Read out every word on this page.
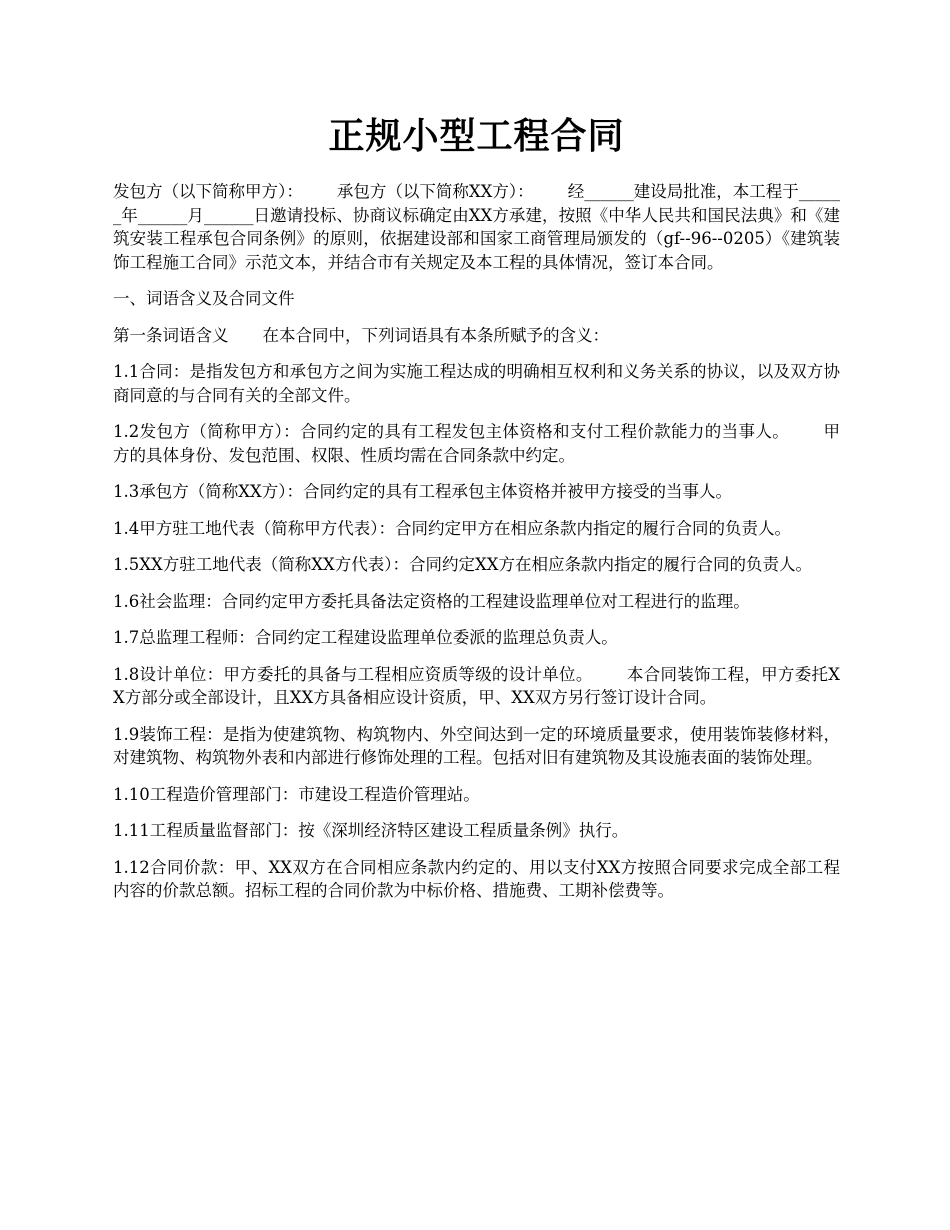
正规小型工程合同

发包方（以下简称甲方）： 承包方（以下简称XX方）： 经______建设局批准，本工程于______年______月______日邀请投标、协商议标确定由XX方承建，按照《中华人民共和国民法典》和《建筑安装工程承包合同条例》的原则，依据建设部和国家工商管理局颁发的（gf--96--0205）《建筑装饰工程施工合同》示范文本，并结合市有关规定及本工程的具体情况，签订本合同。

一、词语含义及合同文件

第一条词语含义 在本合同中，下列词语具有本条所赋予的含义：

1.1合同：是指发包方和承包方之间为实施工程达成的明确相互权利和义务关系的协议，以及双方协商同意的与合同有关的全部文件。

1.2发包方（简称甲方）：合同约定的具有工程发包主体资格和支付工程价款能力的当事人。 甲方的具体身份、发包范围、权限、性质均需在合同条款中约定。

1.3承包方（简称XX方）：合同约定的具有工程承包主体资格并被甲方接受的当事人。

1.4甲方驻工地代表（简称甲方代表）：合同约定甲方在相应条款内指定的履行合同的负责人。

1.5XX方驻工地代表（简称XX方代表）：合同约定XX方在相应条款内指定的履行合同的负责人。

1.6社会监理：合同约定甲方委托具备法定资格的工程建设监理单位对工程进行的监理。

1.7总监理工程师：合同约定工程建设监理单位委派的监理总负责人。

1.8设计单位：甲方委托的具备与工程相应资质等级的设计单位。 本合同装饰工程，甲方委托XX方部分或全部设计，且XX方具备相应设计资质，甲、XX双方另行签订设计合同。

1.9装饰工程：是指为使建筑物、构筑物内、外空间达到一定的环境质量要求，使用装饰装修材料，对建筑物、构筑物外表和内部进行修饰处理的工程。包括对旧有建筑物及其设施表面的装饰处理。

1.10工程造价管理部门：市建设工程造价管理站。

1.11工程质量监督部门：按《深圳经济特区建设工程质量条例》执行。

1.12合同价款：甲、XX双方在合同相应条款内约定的、用以支付XX方按照合同要求完成全部工程内容的价款总额。招标工程的合同价款为中标价格、措施费、工期补偿费等。
